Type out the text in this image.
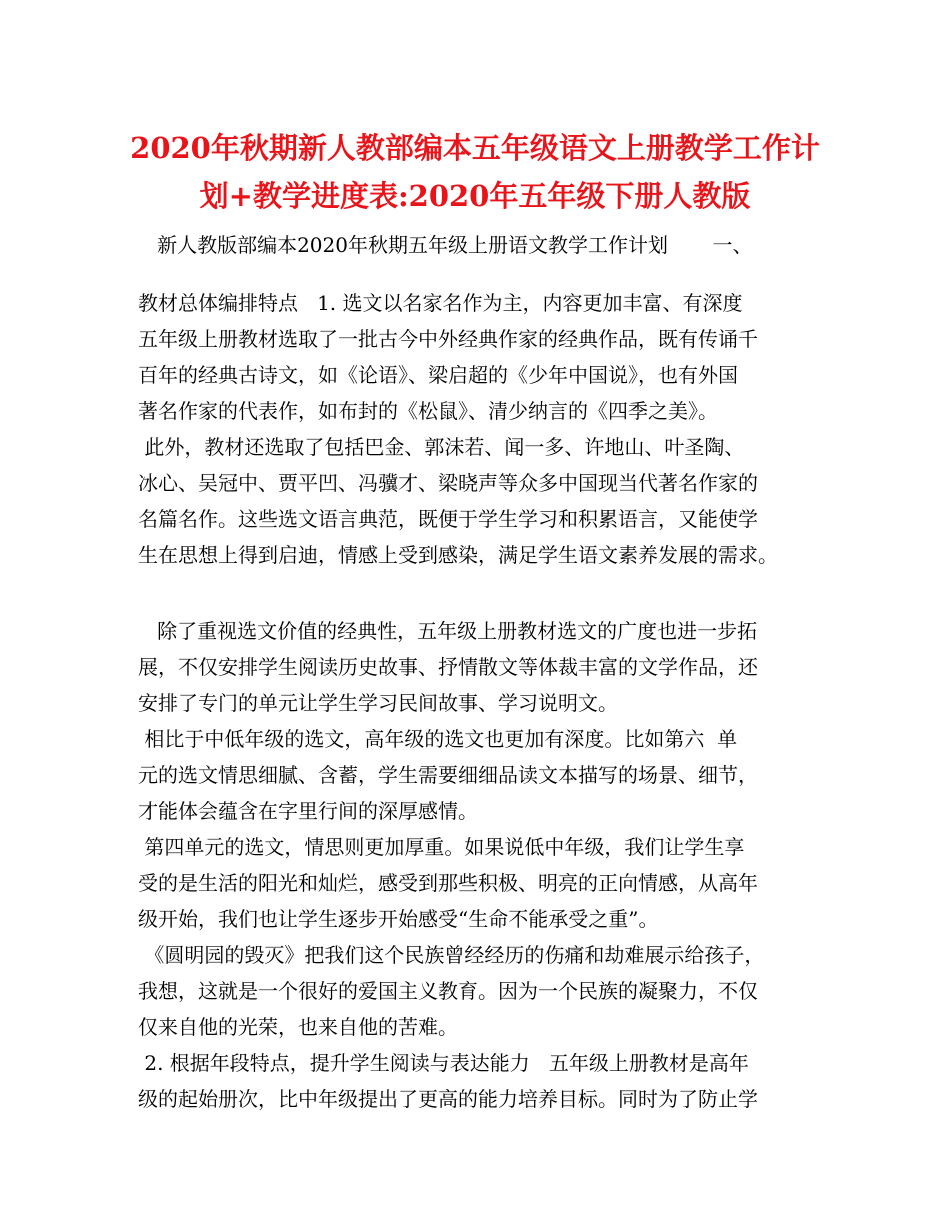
2020年秋期新人教部编本五年级语文上册教学工作计
划+教学进度表:2020年五年级下册人教版
新人教版部编本2020年秋期五年级上册语文教学工作计划       一、
教材总体编排特点   1. 选文以名家名作为主，内容更加丰富、有深度
五年级上册教材选取了一批古今中外经典作家的经典作品，既有传诵千
百年的经典古诗文，如《论语》、梁启超的《少年中国说》，也有外国
著名作家的代表作，如布封的《松鼠》、清少纳言的《四季之美》。
此外，教材还选取了包括巴金、郭沫若、闻一多、许地山、叶圣陶、
冰心、吴冠中、贾平凹、冯骥才、梁晓声等众多中国现当代著名作家的
名篇名作。这些选文语言典范，既便于学生学习和积累语言，又能使学
生在思想上得到启迪，情感上受到感染，满足学生语文素养发展的需求。
除了重视选文价值的经典性，五年级上册教材选文的广度也进一步拓
展，不仅安排学生阅读历史故事、抒情散文等体裁丰富的文学作品，还
安排了专门的单元让学生学习民间故事、学习说明文。
相比于中低年级的选文，高年级的选文也更加有深度。比如第六  单
元的选文情思细腻、含蓄，学生需要细细品读文本描写的场景、细节，
才能体会蕴含在字里行间的深厚感情。
第四单元的选文，情思则更加厚重。如果说低中年级，我们让学生享
受的是生活的阳光和灿烂，感受到那些积极、明亮的正向情感，从高年
级开始，我们也让学生逐步开始感受“生命不能承受之重”。
《圆明园的毁灭》把我们这个民族曾经经历的伤痛和劫难展示给孩子，
我想，这就是一个很好的爱国主义教育。因为一个民族的凝聚力，不仅
仅来自他的光荣，也来自他的苦难。
2. 根据年段特点，提升学生阅读与表达能力   五年级上册教材是高年
级的起始册次，比中年级提出了更高的能力培养目标。同时为了防止学
